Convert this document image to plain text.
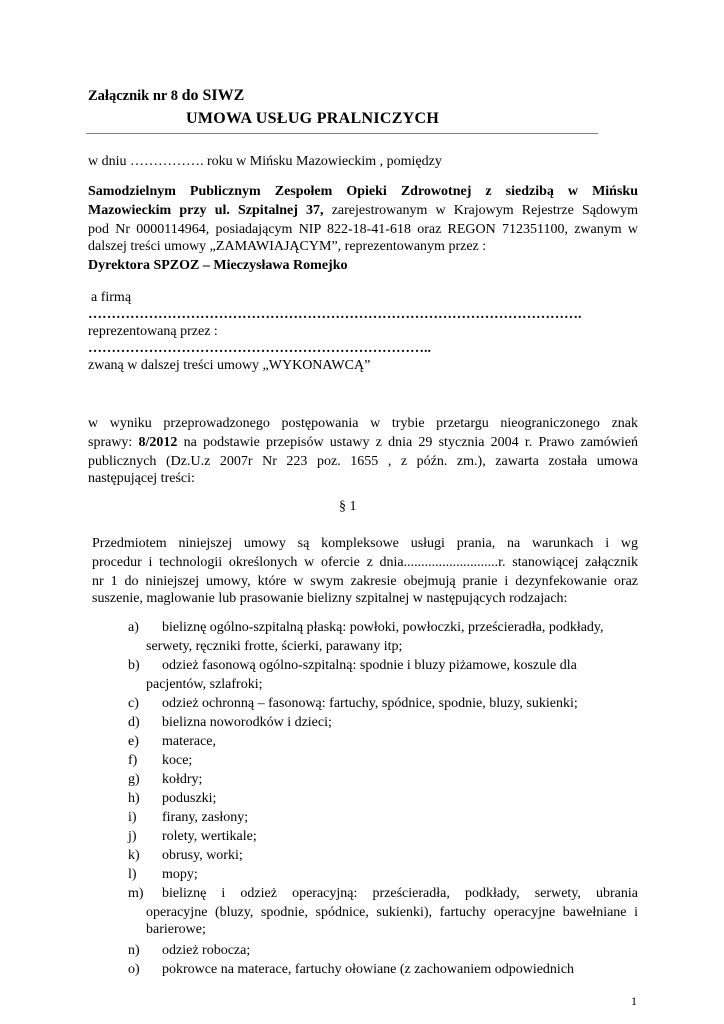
Załącznik nr 8 do SIWZ
UMOWA USŁUG PRALNICZYCH
w dniu ……………. roku w Mińsku Mazowieckim , pomiędzy
Samodzielnym Publicznym Zespołem Opieki Zdrowotnej z siedzibą w Mińsku
Mazowieckim przy ul. Szpitalnej 37, zarejestrowanym w Krajowym Rejestrze Sądowym
pod Nr 0000114964, posiadającym NIP 822-18-41-618 oraz REGON 712351100, zwanym w
dalszej treści umowy „ZAMAWIAJĄCYM”, reprezentowanym przez :
Dyrektora SPZOZ – Mieczysława Romejko
a firmą
…………………………………………………………………………………………….
reprezentowaną przez :
………………………………………………………………..
zwaną w dalszej treści umowy „WYKONAWCĄ”
w wyniku przeprowadzonego postępowania w trybie przetargu nieograniczonego znak
sprawy: 8/2012 na podstawie przepisów ustawy z dnia 29 stycznia 2004 r. Prawo zamówień
publicznych (Dz.U.z 2007r Nr 223 poz. 1655 , z późn. zm.), zawarta została umowa
następującej treści:
§ 1
Przedmiotem niniejszej umowy są kompleksowe usługi prania, na warunkach i wg
procedur i technologii określonych w ofercie z dnia...........................r. stanowiącej załącznik
nr 1 do niniejszej umowy, które w swym zakresie obejmują pranie i dezynfekowanie oraz
suszenie, maglowanie lub prasowanie bielizny szpitalnej w następujących rodzajach:
a) bieliznę ogólno-szpitalną płaską: powłoki, powłoczki, prześcieradła, podkłady,
serwety, ręczniki frotte, ścierki, parawany itp;
b) odzież fasonową ogólno-szpitalną: spodnie i bluzy piżamowe, koszule dla
pacjentów, szlafroki;
c) odzież ochronną – fasonową: fartuchy, spódnice, spodnie, bluzy, sukienki;
d) bielizna noworodków i dzieci;
e) materace,
f) koce;
g) kołdry;
h) poduszki;
i) firany, zasłony;
j) rolety, wertikale;
k) obrusy, worki;
l) mopy;
m) bieliznę i odzież operacyjną: prześcieradła, podkłady, serwety, ubrania
operacyjne (bluzy, spodnie, spódnice, sukienki), fartuchy operacyjne bawełniane i
barierowe;
n) odzież robocza;
o) pokrowce na materace, fartuchy ołowiane (z zachowaniem odpowiednich
1
